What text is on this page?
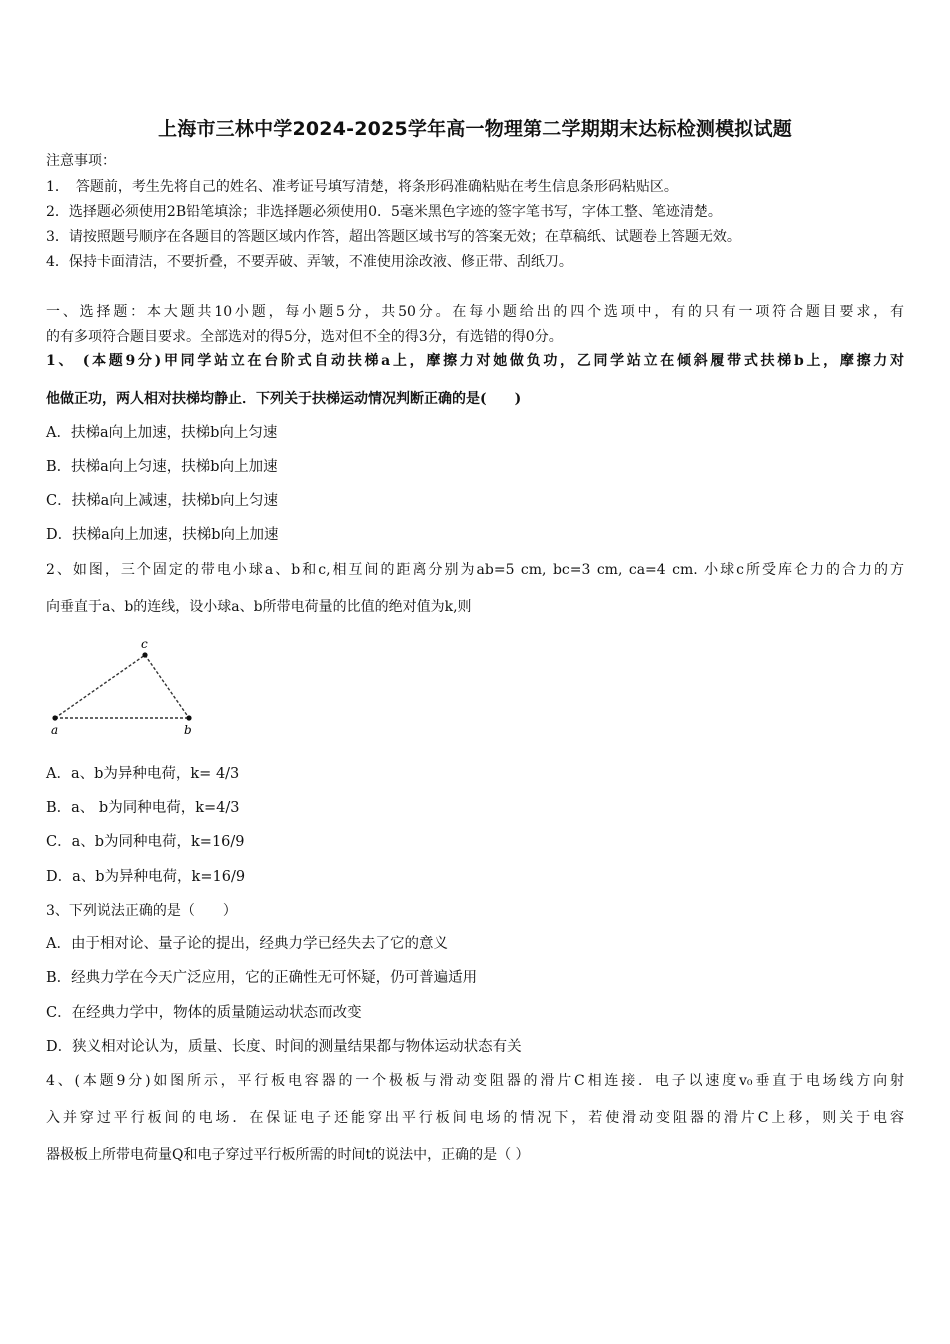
上海市三林中学2024-2025学年高一物理第二学期期末达标检测模拟试题
注意事项：
1．　答题前，考生先将自己的姓名、准考证号填写清楚，将条形码准确粘贴在考生信息条形码粘贴区。
2．选择题必须使用2B铅笔填涂；非选择题必须使用0．5毫米黑色字迹的签字笔书写，字体工整、笔迹清楚。
3．请按照题号顺序在各题目的答题区域内作答，超出答题区域书写的答案无效；在草稿纸、试题卷上答题无效。
4．保持卡面清洁，不要折叠，不要弄破、弄皱，不准使用涂改液、修正带、刮纸刀。
一、选择题：本大题共10小题，每小题5分，共50分。在每小题给出的四个选项中，有的只有一项符合题目要求，有
的有多项符合题目要求。全部选对的得5分，选对但不全的得3分，有选错的得0分。
1、 (本题9分)甲同学站立在台阶式自动扶梯a上，摩擦力对她做负功，乙同学站立在倾斜履带式扶梯b上，摩擦力对
他做正功，两人相对扶梯均静止．下列关于扶梯运动情况判断正确的是(　　)
A．扶梯a向上加速，扶梯b向上匀速
B．扶梯a向上匀速，扶梯b向上加速
C．扶梯a向上减速，扶梯b向上匀速
D．扶梯a向上加速，扶梯b向上加速
2、如图，三个固定的带电小球a、b和c,相互间的距离分别为ab=5 cm, bc=3 cm, ca=4 cm. 小球c所受库仑力的合力的方
向垂直于a、b的连线，设小球a、b所带电荷量的比值的绝对值为k,则
a	b
c
A．a、b为异种电荷，k= 4/3
B．a、 b为同种电荷，k=4/3
C．a、b为同种电荷，k=16/9
D．a、b为异种电荷，k=16/9
3、下列说法正确的是（　　）
A．由于相对论、量子论的提出，经典力学已经失去了它的意义
B．经典力学在今天广泛应用，它的正确性无可怀疑，仍可普遍适用
C．在经典力学中，物体的质量随运动状态而改变
D．狭义相对论认为，质量、长度、时间的测量结果都与物体运动状态有关
4、(本题9分)如图所示，平行板电容器的一个极板与滑动变阻器的滑片C相连接．电子以速度v₀垂直于电场线方向射
入并穿过平行板间的电场．在保证电子还能穿出平行板间电场的情况下，若使滑动变阻器的滑片C上移，则关于电容
器极板上所带电荷量Q和电子穿过平行板所需的时间t的说法中，正确的是（ ）
